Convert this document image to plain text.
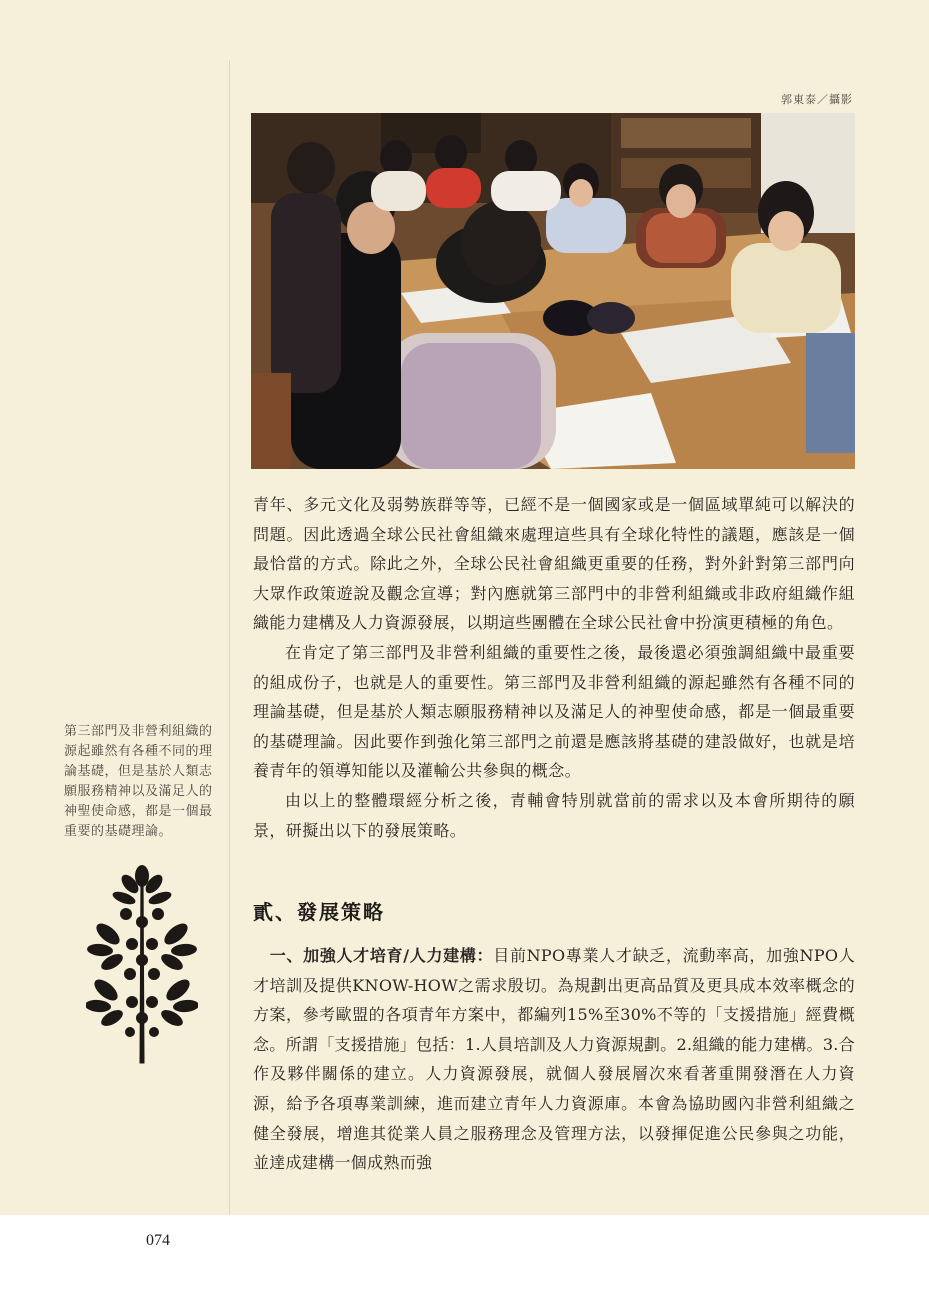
郭東泰／攝影

青年、多元文化及弱勢族群等等，已經不是一個國家或是一個區域單純可以解決的問題。因此透過全球公民社會組織來處理這些具有全球化特性的議題，應該是一個最恰當的方式。除此之外，全球公民社會組織更重要的任務，對外針對第三部門向大眾作政策遊說及觀念宣導；對內應就第三部門中的非營利組織或非政府組織作組織能力建構及人力資源發展，以期這些團體在全球公民社會中扮演更積極的角色。

在肯定了第三部門及非營利組織的重要性之後，最後還必須強調組織中最重要的組成份子，也就是人的重要性。第三部門及非營利組織的源起雖然有各種不同的理論基礎，但是基於人類志願服務精神以及滿足人的神聖使命感，都是一個最重要的基礎理論。因此要作到強化第三部門之前還是應該將基礎的建設做好，也就是培養青年的領導知能以及灌輸公共參與的概念。

由以上的整體環經分析之後，青輔會特別就當前的需求以及本會所期待的願景，研擬出以下的發展策略。

貳、發展策略

　一、加強人才培育/人力建構：目前NPO專業人才缺乏，流動率高，加強NPO人才培訓及提供KNOW-HOW之需求殷切。為規劃出更高品質及更具成本效率概念的方案，參考歐盟的各項青年方案中，都編列15%至30%不等的「支援措施」經費概念。所謂「支援措施」包括：1.人員培訓及人力資源規劃。2.組織的能力建構。3.合作及夥伴關係的建立。人力資源發展，就個人發展層次來看著重開發潛在人力資源，給予各項專業訓練，進而建立青年人力資源庫。本會為協助國內非營利組織之健全發展，增進其從業人員之服務理念及管理方法，以發揮促進公民參與之功能，並達成建構一個成熟而強

第三部門及非營利組織的源起雖然有各種不同的理論基礎，但是基於人類志願服務精神以及滿足人的神聖使命感，都是一個最重要的基礎理論。
074
